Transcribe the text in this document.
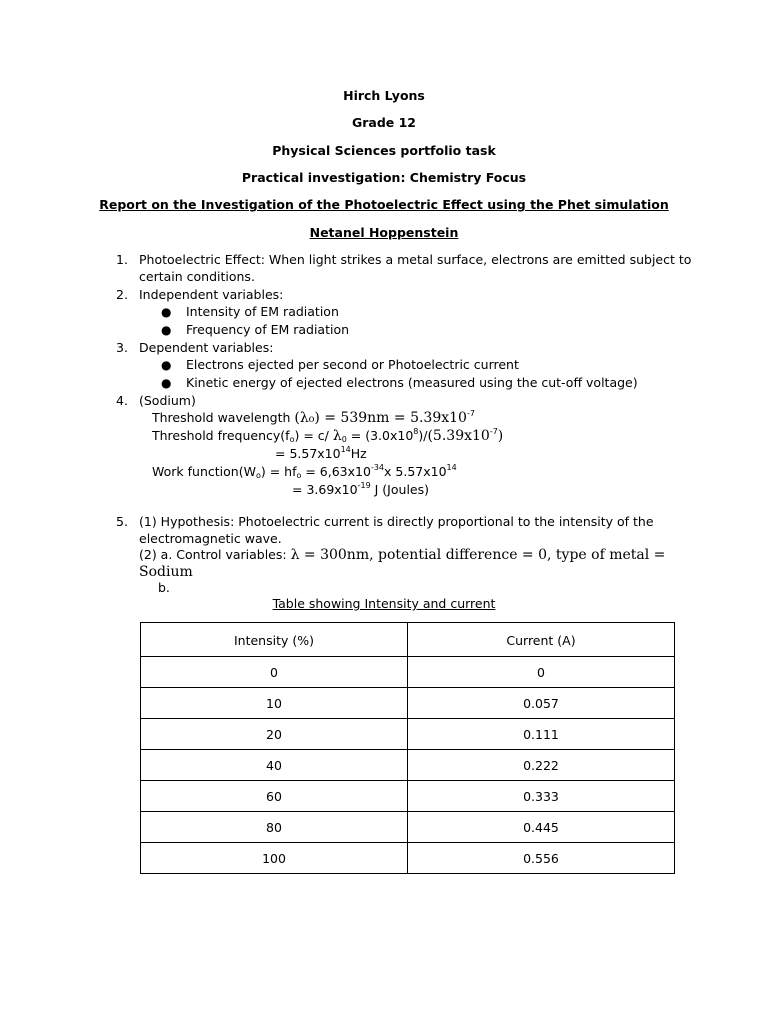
Hirch Lyons
Grade 12
Physical Sciences portfolio task
Practical investigation: Chemistry Focus
Report on the Investigation of the Photoelectric Effect using the Phet simulation
Netanel Hoppenstein
1. Photoelectric Effect: When light strikes a metal surface, electrons are emitted subject to
certain conditions.
2. Independent variables:
● Intensity of EM radiation
● Frequency of EM radiation
3. Dependent variables:
● Electrons ejected per second or Photoelectric current
● Kinetic energy of ejected electrons (measured using the cut-off voltage)
4. (Sodium)
Threshold wavelength $(\lambda_0) = 539nm = 5.39x10^{-7}$
Threshold $frequency(f_o) = c/$ $\lambda_0 = (3.0x10^8)/(5.39x10^{-7})$
= $5.57x10^{14}Hz$
Work $function(W_o) = hf_o = 6,63x10^{-34}x$ $5.57x10^{14}$
= $3.69x10^{-19}$ J (Joules)
5. (1) Hypothesis: Photoelectric current is directly proportional to the intensity of the
electromagnetic wave.
(2) a. Control variables: λ = 300nm, potential difference = 0, type of metal =
Sodium
b.
Table showing Intensity and current
Intensity (%)	Current (A)
0	0
10	0.057
20	0.111
40	0.222
60	0.333
80	0.445
100	0.556
